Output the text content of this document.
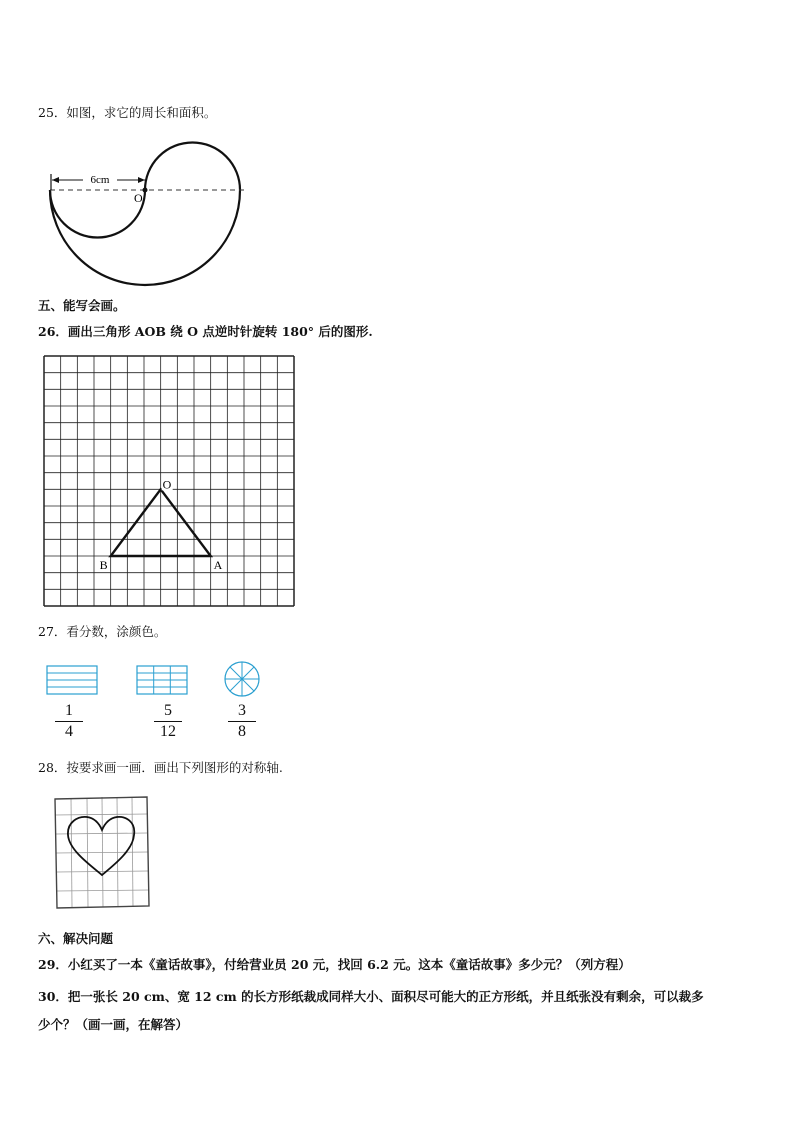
25．如图，求它的周长和面积。
6cm
O
五、能写会画。
26．画出三角形 AOB 绕 O 点逆时针旋转 180° 后的图形.
O
B	A
27．看分数，涂颜色。
1
4
5
12
3
8
28．按要求画一画．画出下列图形的对称轴.
六、解决问题
29．小红买了一本《童话故事》，付给营业员 20 元，找回 6.2 元。这本《童话故事》多少元？（列方程）
30．把一张长 20 cm、宽 12 cm 的长方形纸裁成同样大小、面积尽可能大的正方形纸，并且纸张没有剩余，可以裁多
少个？（画一画，在解答）
